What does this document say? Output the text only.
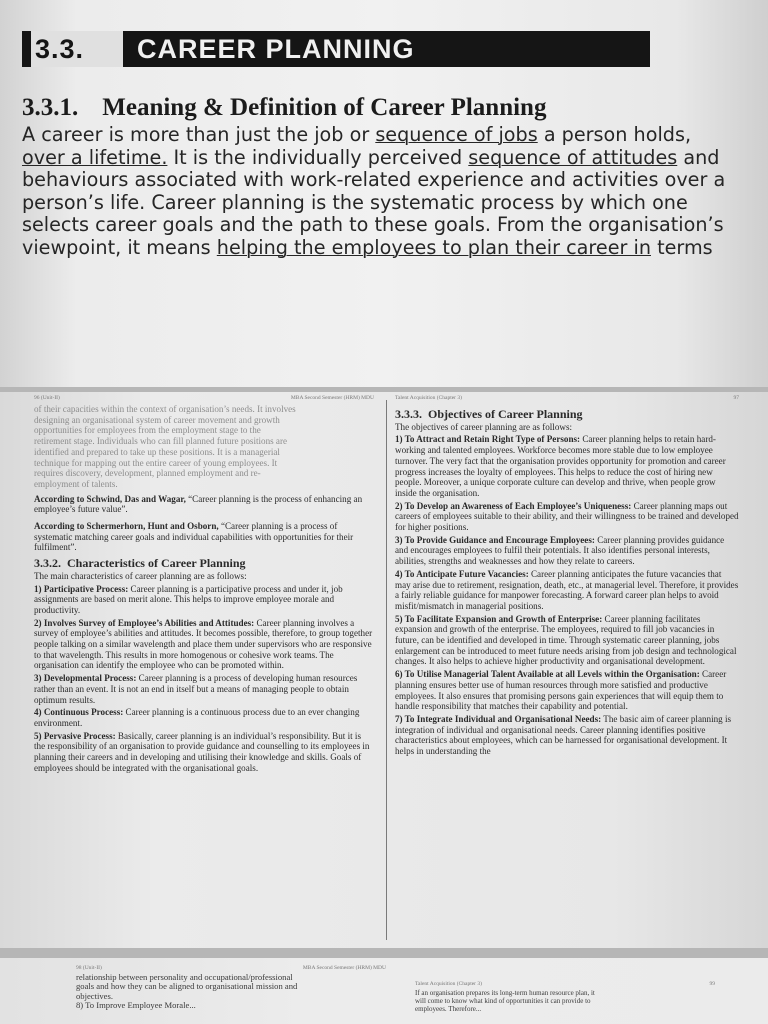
3.3. CAREER PLANNING
3.3.1. Meaning & Definition of Career Planning

A career is more than just the job or sequence of jobs a person holds,

over a lifetime. It is the individually perceived sequence of attitudes and

behaviours associated with work-related experience and activities over a

person’s life. Career planning is the systematic process by which one

selects career goals and the path to these goals. From the organisation’s

viewpoint, it means helping the employees to plan their career in terms

96 (Unit-II)	MBA Second Semester (HRM) MDU
of their capacities within the context of organisation’s needs. It involves
designing an organisational system of career movement and growth
opportunities for employees from the employment stage to the
retirement stage. Individuals who can fill planned future positions are
identified and prepared to take up these positions. It is a managerial
technique for mapping out the entire career of young employees. It
requires discovery, development, planned employment and re-
employment of talents.

According to Schwind, Das and Wagar, “Career planning is the process of enhancing an employee’s future value”.

According to Schermerhorn, Hunt and Osborn, “Career planning is a process of systematic matching career goals and individual capabilities with opportunities for their fulfilment”.

3.3.2. Characteristics of Career Planning

The main characteristics of career planning are as follows:

1) Participative Process: Career planning is a participative process and under it, job assignments are based on merit alone. This helps to improve employee morale and productivity.

2) Involves Survey of Employee’s Abilities and Attitudes: Career planning involves a survey of employee’s abilities and attitudes. It becomes possible, therefore, to group together people talking on a similar wavelength and place them under supervisors who are responsive to that wavelength. This results in more homogenous or cohesive work teams. The organisation can identify the employee who can be promoted within.

3) Developmental Process: Career planning is a process of developing human resources rather than an event. It is not an end in itself but a means of managing people to obtain optimum results.

4) Continuous Process: Career planning is a continuous process due to an ever changing environment.

5) Pervasive Process: Basically, career planning is an individual’s responsibility. But it is the responsibility of an organisation to provide guidance and counselling to its employees in planning their careers and in developing and utilising their knowledge and skills. Goals of employees should be integrated with the organisational goals.

Talent Acquisition (Chapter 3)	97
3.3.3. Objectives of Career Planning

The objectives of career planning are as follows:

1) To Attract and Retain Right Type of Persons: Career planning helps to retain hard-working and talented employees. Workforce becomes more stable due to low employee turnover. The very fact that the organisation provides opportunity for promotion and career progress increases the loyalty of employees. This helps to reduce the cost of hiring new people. Moreover, a unique corporate culture can develop and thrive, when people grow inside the organisation.

2) To Develop an Awareness of Each Employee’s Uniqueness: Career planning maps out careers of employees suitable to their ability, and their willingness to be trained and developed for higher positions.

3) To Provide Guidance and Encourage Employees: Career planning provides guidance and encourages employees to fulfil their potentials. It also identifies personal interests, abilities, strengths and weaknesses and how they relate to careers.

4) To Anticipate Future Vacancies: Career planning anticipates the future vacancies that may arise due to retirement, resignation, death, etc., at managerial level. Therefore, it provides a fairly reliable guidance for manpower forecasting. A forward career plan helps to avoid misfit/mismatch in managerial positions.

5) To Facilitate Expansion and Growth of Enterprise: Career planning facilitates expansion and growth of the enterprise. The employees, required to fill job vacancies in future, can be identified and developed in time. Through systematic career planning, jobs enlargement can be introduced to meet future needs arising from job design and technological changes. It also helps to achieve higher productivity and organisational development.

6) To Utilise Managerial Talent Available at all Levels within the Organisation: Career planning ensures better use of human resources through more satisfied and productive employees. It also ensures that promising persons gain experiences that will equip them to handle responsibility that matches their capability and potential.

7) To Integrate Individual and Organisational Needs: The basic aim of career planning is integration of individual and organisational needs. Career planning identifies positive characteristics about employees, which can be harnessed for organisational development. It helps in understanding the

98 (Unit-II)	MBA Second Semester (HRM) MDU
relationship between personality and occupational/professional
goals and how they can be aligned to organisational mission and
objectives.
8) To Improve Employee Morale...
Talent Acquisition (Chapter 3)	99
If an organisation prepares its long-term human resource plan, it
will come to know what kind of opportunities it can provide to
employees. Therefore...
